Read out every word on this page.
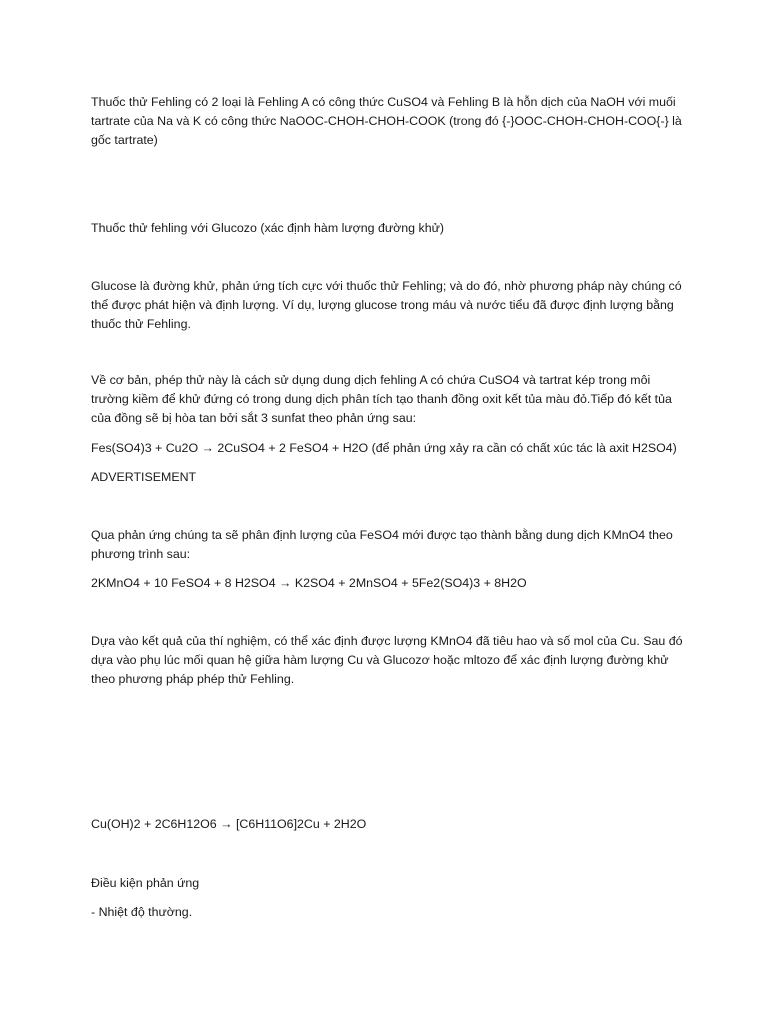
Thuốc thử Fehling có 2 loại là Fehling A có công thức CuSO4 và Fehling B là hỗn dịch của NaOH với muối tartrate của Na và K có công thức NaOOC-CHOH-CHOH-COOK (trong đó {-}OOC-CHOH-CHOH-COO{-} là gốc tartrate)

Thuốc thử fehling với Glucozo (xác định hàm lượng đường khử)

Glucose là đường khử, phản ứng tích cực với thuốc thử Fehling; và do đó, nhờ phương pháp này chúng có thể được phát hiện và định lượng. Ví dụ, lượng glucose trong máu và nước tiểu đã được định lượng bằng thuốc thử Fehling.

Về cơ bản, phép thử này là cách sử dụng dung dịch fehling A có chứa CuSO4 và tartrat kép trong môi trường kiềm để khử đứng có trong dung dịch phân tích tạo thanh đồng oxit kết tủa màu đỏ.Tiếp đó kết tủa của đồng sẽ bị hòa tan bởi sắt 3 sunfat theo phản ứng sau:

Fes(SO4)3 + Cu2O → 2CuSO4 + 2 FeSO4 + H2O (để phản ứng xảy ra cần có chất xúc tác là axit H2SO4)

ADVERTISEMENT

Qua phản ứng chúng ta sẽ phân định lượng của FeSO4 mới được tạo thành bằng dung dịch KMnO4 theo phương trình sau:

2KMnO4 + 10 FeSO4 + 8 H2SO4 → K2SO4 + 2MnSO4 + 5Fe2(SO4)3 + 8H2O

Dựa vào kết quả của thí nghiệm, có thể xác định được lượng KMnO4 đã tiêu hao và số mol của Cu. Sau đó dựa vào phụ lúc mối quan hệ giữa hàm lượng Cu và Glucozơ hoặc mltozo để xác định lượng đường khử theo phương pháp phép thử Fehling.

Cu(OH)2 + 2C6H12O6 → [C6H11O6]2Cu + 2H2O

Điều kiện phản ứng

- Nhiệt độ thường.
